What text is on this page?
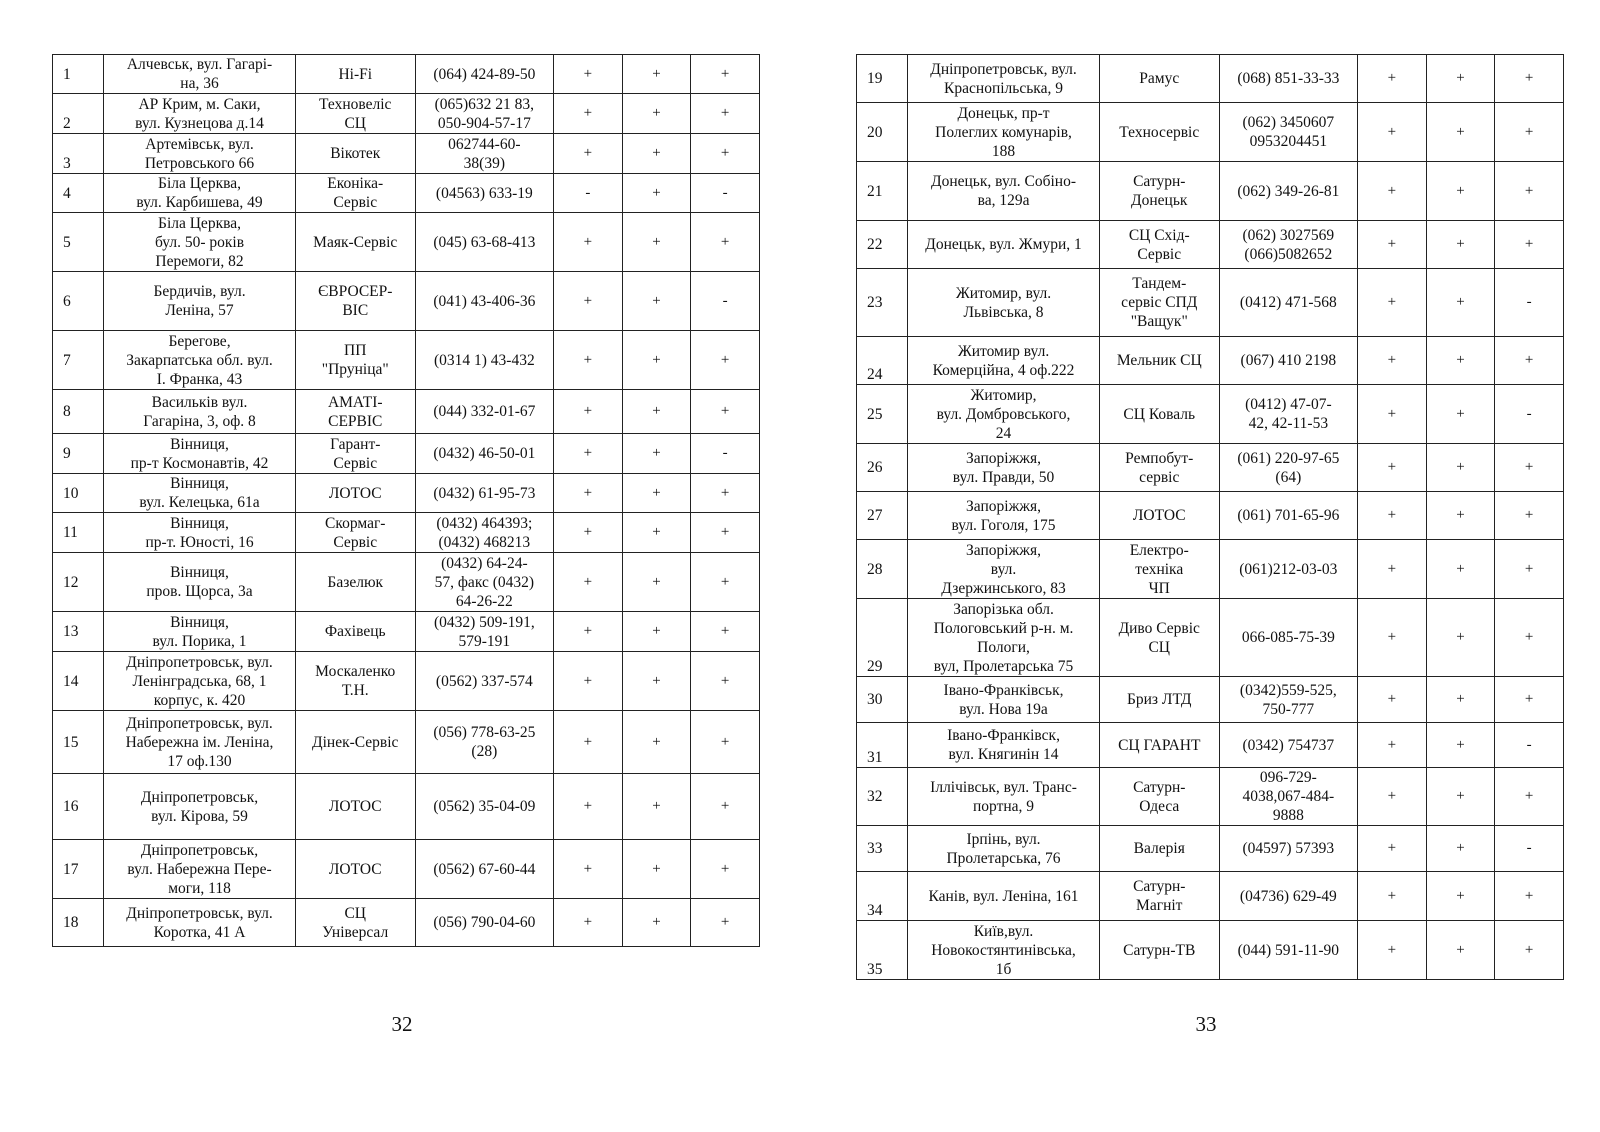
1	Алчевськ, вул. Гагарі-
на, 36	Hi-Fi	(064) 424-89-50	+	+	+
2	АР Крим, м. Саки,
вул. Кузнецова д.14	Техновеліс
СЦ	(065)632 21 83,
050-904-57-17	+	+	+
3	Артемівськ, вул.
Петровського 66	Вікотек	062744-60-
38(39)	+	+	+
4	Біла Церква,
вул. Карбишева, 49	Еконіка-
Сервіс	(04563) 633-19	-	+	-
5	Біла Церква,
бул. 50- років
Перемоги, 82	Маяк-Сервіс	(045) 63-68-413	+	+	+
6	Бердичів, вул.
Леніна, 57	ЄВРОСЕР-
ВІС	(041) 43-406-36	+	+	-
7	Берегове,
Закарпатська обл. вул.
І. Франка, 43	ПП
"Пруніца"	(0314 1) 43-432	+	+	+
8	Васильків вул.
Гагаріна, 3, оф. 8	АМАТІ-
СЕРВІС	(044) 332-01-67	+	+	+
9	Вінниця,
пр-т Космонавтів, 42	Гарант-
Сервіс	(0432) 46-50-01	+	+	-
10	Вінниця,
вул. Келецька, 61а	ЛОТОС	(0432) 61-95-73	+	+	+
11	Вінниця,
пр-т. Юності, 16	Скормаг-
Сервіс	(0432) 464393;
(0432) 468213	+	+	+
12	Вінниця,
пров. Щорса, 3а	Базелюк	(0432) 64-24-
57, факс (0432)
64-26-22	+	+	+
13	Вінниця,
вул. Порика, 1	Фахівець	(0432) 509-191,
579-191	+	+	+
14	Дніпропетровськ, вул.
Ленінградська, 68, 1
корпус, к. 420	Москаленко
Т.Н.	(0562) 337-574	+	+	+
15	Дніпропетровськ, вул.
Набережна ім. Леніна,
17 оф.130	Дінек-Сервіс	(056) 778-63-25
(28)	+	+	+
16	Дніпропетровськ,
вул. Кірова, 59	ЛОТОС	(0562) 35-04-09	+	+	+
17	Дніпропетровськ,
вул. Набережна Пере-
моги, 118	ЛОТОС	(0562) 67-60-44	+	+	+
18	Дніпропетровськ, вул.
Коротка, 41 А	СЦ
Універсал	(056) 790-04-60	+	+	+
32
19	Дніпропетровськ, вул.
Краснопільська, 9	Рамус	(068) 851-33-33	+	+	+
20	Донецьк, пр-т
Полеглих комунарів,
188	Техносервіс	(062) 3450607
0953204451	+	+	+
21	Донецьк, вул. Собіно-
ва, 129а	Сатурн-
Донецьк	(062) 349-26-81	+	+	+
22	Донецьк, вул. Жмури, 1	СЦ Схід-
Сервіс	(062) 3027569
(066)5082652	+	+	+
23	Житомир, вул.
Львівська, 8	Тандем-
сервіс СПД
"Ващук"	(0412) 471-568	+	+	-
24	Житомир вул.
Комерційна, 4 оф.222	Мельник СЦ	(067) 410 2198	+	+	+
25	Житомир,
вул. Домбровського,
24	СЦ Коваль	(0412) 47-07-
42, 42-11-53	+	+	-
26	Запоріжжя,
вул. Правди, 50	Ремпобут-
сервіс	(061) 220-97-65
(64)	+	+	+
27	Запоріжжя,
вул. Гоголя, 175	ЛОТОС	(061) 701-65-96	+	+	+
28	Запоріжжя,
вул.
Дзержинського, 83	Електро-
техніка
ЧП	(061)212-03-03	+	+	+
29	Запорізька обл.
Пологовський р-н. м.
Пологи,
вул, Пролетарська 75	Диво Сервіс
СЦ	066-085-75-39	+	+	+
30	Івано-Франківськ,
вул. Нова 19а	Бриз ЛТД	(0342)559-525,
750-777	+	+	+
31	Івано-Франківск,
вул. Княгинін 14	СЦ ГАРАНТ	(0342) 754737	+	+	-
32	Іллічівськ, вул. Транс-
портна, 9	Сатурн-
Одеса	096-729-
4038,067-484-
9888	+	+	+
33	Ірпінь, вул.
Пролетарська, 76	Валерія	(04597) 57393	+	+	-
34	Канів, вул. Леніна, 161	Сатурн-
Магніт	(04736) 629-49	+	+	+
35	Київ,вул.
Новокостянтинівська,
1б	Сатурн-ТВ	(044) 591-11-90	+	+	+
33
